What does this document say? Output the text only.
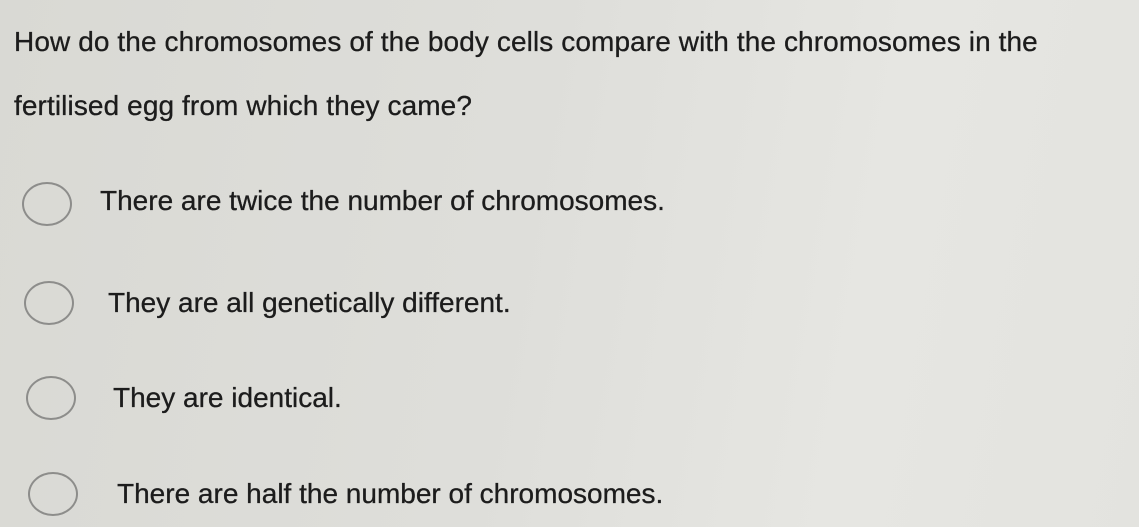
How do the chromosomes of the body cells compare with the chromosomes in the fertilised egg from which they came?
There are twice the number of chromosomes.
They are all genetically different.
They are identical.
There are half the number of chromosomes.
